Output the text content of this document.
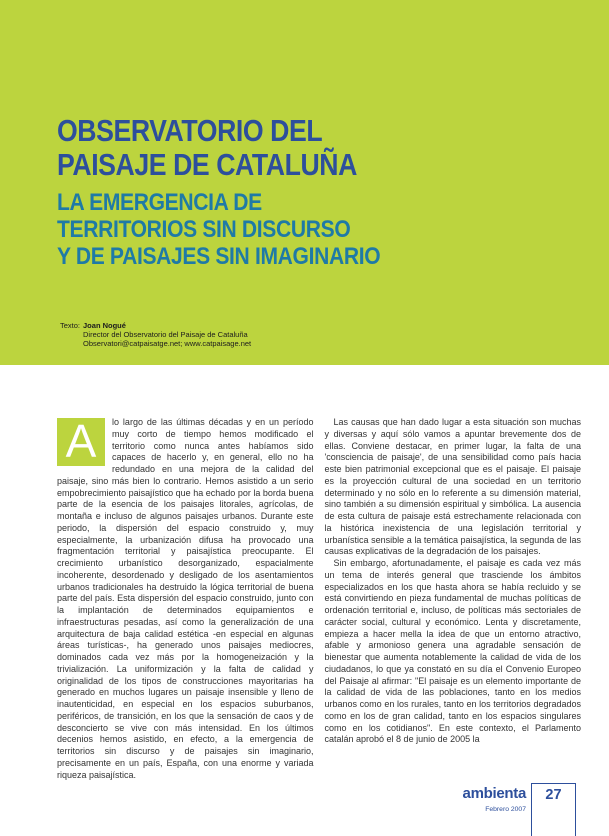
OBSERVATORIO DEL
PAISAJE DE CATALUÑA
LA EMERGENCIA DE
TERRITORIOS SIN DISCURSO
Y DE PAISAJES SIN IMAGINARIO
Texto: Joan Nogué
Director del Observatorio del Paisaje de Cataluña
Observatori@catpaisatge.net; www.catpaisage.net
A	lo largo de las últimas décadas y en un período muy corto de tiempo hemos modificado el territorio como nunca antes habíamos sido capaces de hacerlo y, en general, ello no ha redundado en una mejora de la calidad del paisaje, sino más bien lo contrario. Hemos asistido a un serio empobrecimiento paisajístico que ha echado por la borda buena parte de la esencia de los paisajes litorales, agrícolas, de montaña e incluso de algunos paisajes urbanos. Durante este periodo, la dispersión del espacio construido y, muy especialmente, la urbanización difusa ha provocado una fragmentación territorial y paisajística preocupante. El crecimiento urbanístico desorganizado, espacialmente incoherente, desordenado y desligado de los asentamientos urbanos tradicionales ha destruido la lógica territorial de buena parte del país. Esta dispersión del espacio construido, junto con la implantación de determinados equipamientos e infraestructuras pesadas, así como la generalización de una arquitectura de baja calidad estética -en especial en algunas áreas turísticas-, ha generado unos paisajes mediocres, dominados cada vez más por la homogeneización y la trivialización. La uniformización y la falta de calidad y originalidad de los tipos de construcciones mayoritarias ha generado en muchos lugares un paisaje insensible y lleno de inautenticidad, en especial en los espacios suburbanos, periféricos, de transición, en los que la sensación de caos y de desconcierto se vive con más intensidad. En los últimos decenios hemos asistido, en efecto, a la emergencia de territorios sin discurso y de paisajes sin imaginario, precisamente en un país, España, con una enorme y variada riqueza paisajística.

Las causas que han dado lugar a esta situación son muchas y diversas y aquí sólo vamos a apuntar brevemente dos de ellas. Conviene destacar, en primer lugar, la falta de una 'consciencia de paisaje', de una sensibilidad como país hacia este bien patrimonial excepcional que es el paisaje. El paisaje es la proyección cultural de una sociedad en un territorio determinado y no sólo en lo referente a su dimensión material, sino también a su dimensión espiritual y simbólica. La ausencia de esta cultura de paisaje está estrechamente relacionada con la histórica inexistencia de una legislación territorial y urbanística sensible a la temática paisajística, la segunda de las causas explicativas de la degradación de los paisajes.

Sin embargo, afortunadamente, el paisaje es cada vez más un tema de interés general que trasciende los ámbitos especializados en los que hasta ahora se había recluido y se está convirtiendo en pieza fundamental de muchas políticas de ordenación territorial e, incluso, de políticas más sectoriales de carácter social, cultural y económico. Lenta y discretamente, empieza a hacer mella la idea de que un entorno atractivo, afable y armonioso genera una agradable sensación de bienestar que aumenta notablemente la calidad de vida de los ciudadanos, lo que ya constató en su día el Convenio Europeo del Paisaje al afirmar: "El paisaje es un elemento importante de la calidad de vida de las poblaciones, tanto en los medios urbanos como en los rurales, tanto en los territorios degradados como en los de gran calidad, tanto en los espacios singulares como en los cotidianos". En este contexto, el Parlamento catalán aprobó el 8 de junio de 2005 la

ambienta
Febrero 2007
27
